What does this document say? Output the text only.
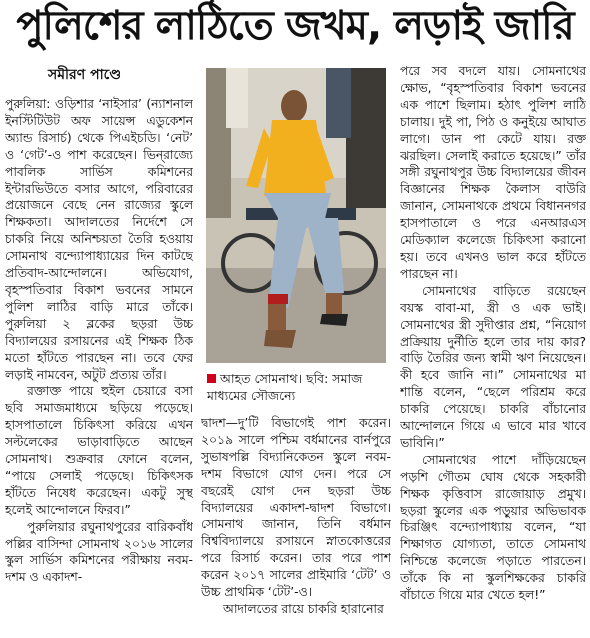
পুলিশের লাঠিতে জখম, লড়াই জারি
সমীরণ পাণ্ডে

পুরুলিয়া: ওড়িশার ‘নাইসার’ (ন্যাশনাল ইনস্টিটিউট অফ সায়েন্স এডুকেশন অ্যান্ড রিসার্চ) থেকে পিএইচডি। ‘নেট’ ও ‘গেট’-ও পাশ করেছেন। ভিন্‌রাজ্যে পাবলিক সার্ভিস কমিশনের ইন্টারভিউতে বসার আগে, পরিবারের প্রয়োজনে বেছে নেন রাজ্যের স্কুলে শিক্ষকতা। আদালতের নির্দেশে সে চাকরি নিয়ে অনিশ্চয়তা তৈরি হওয়ায় সোমনাথ বন্দ্যোপাধ্যায়ের দিন কাটছে প্রতিবাদ-আন্দোলনে। অভিযোগ, বৃহস্পতিবার বিকাশ ভবনের সামনে পুলিশ লাঠির বাড়ি মারে তাঁকে। পুরুলিয়া ২ ব্লকের ছড়রা উচ্চ বিদ্যালয়ের রসায়নের এই শিক্ষক ঠিক মতো হাঁটতে পারছেন না। তবে ফের লড়াই নামবেন, অটুট প্রত্যয় তাঁর।

রক্তাক্ত পায়ে হুইল চেয়ারে বসা ছবি সমাজমাধ্যমে ছড়িয়ে পড়েছে। হাসপাতালে চিকিৎসা করিয়ে এখন সল্টলেকের ভাড়াবাড়িতে আছেন সোমনাথ। শুক্রবার ফোনে বলেন, “পায়ে সেলাই পড়েছে। চিকিৎসক হাঁটতে নিষেধ করেছেন। একটু সুস্থ হলেই আন্দোলনে ফিরব।”

পুরুলিয়ার রঘুনাথপুরের বারিকবাঁধ পল্লির বাসিন্দা সোমনাথ ২০১৬ সালের স্কুল সার্ভিস কমিশনের পরীক্ষায় নবম-দশম ও একাদশ-

আহত সোমনাথ। ছবি: সমাজ মাধ্যমের সৌজন্যে

দ্বাদশ—দু’টি বিভাগেই পাশ করেন। ২০১৯ সালে পশ্চিম বর্ধমানের বার্নপুরে সুভাষপল্লি বিদ্যানিকেতন স্কুলে নবম-দশম বিভাগে যোগ দেন। পরে সে বছরেই যোগ দেন ছড়রা উচ্চ বিদ্যালয়ের একাদশ-দ্বাদশ বিভাগে। সোমনাথ জানান, তিনি বর্ধমান বিশ্ববিদ্যালয়ে রসায়নে স্নাতকোত্তরের পরে রিসার্চ করেন। তার পরে পাশ করেন ২০১৭ সালের প্রাইমারি ‘টেট’ ও উচ্চ প্রাথমিক ‘টেট’-ও।

আদালতের রায়ে চাকরি হারানোর

পরে সব বদলে যায়। সোমনাথের ক্ষোভ, “বৃহস্পতিবার বিকাশ ভবনের এক পাশে ছিলাম। হঠাৎ পুলিশ লাঠি চালায়। দুই পা, পিঠ ও কনুইয়ে আঘাত লাগে। ডান পা কেটে যায়। রক্ত ঝরছিল। সেলাই করাতে হয়েছে।” তাঁর সঙ্গী রঘুনাথপুর উচ্চ বিদ্যালয়ের জীবন বিজ্ঞানের শিক্ষক কৈলাস বাউরি জানান, সোমনাথকে প্রথমে বিধাননগর হাসপাতালে ও পরে এনআরএস মেডিক্যাল কলেজে চিকিৎসা করানো হয়। তবে এখনও ভাল করে হাঁটতে পারছেন না।

সোমনাথের বাড়িতে রয়েছেন বয়স্ক বাবা-মা, স্ত্রী ও এক ভাই। সোমনাথের স্ত্রী সুদীপ্তার প্রশ্ন, “নিয়োগ প্রক্রিয়ায় দুর্নীতি হলে তার দায় কার? বাড়ি তৈরির জন্য স্বামী ঋণ নিয়েছেন। কী হবে জানি না।” সোমনাথের মা শান্তি বলেন, “ছেলে পরিশ্রম করে চাকরি পেয়েছে। চাকরি বাঁচানোর আন্দোলনে গিয়ে এ ভাবে মার খাবে ভাবিনি।”

সোমনাথের পাশে দাঁড়িয়েছেন পড়শি গৌতম ঘোষ থেকে সহকারী শিক্ষক কৃত্তিবাস রাজোয়াড় প্রমুখ। ছড়রা স্কুলের এক পড়ুয়ার অভিভাবক চিরঞ্জিৎ বন্দ্যোপাধ্যায় বলেন, “যা শিক্ষাগত যোগ্যতা, তাতে সোমনাথ নিশ্চিন্তে কলেজে পড়াতে পারতেন। তাঁকে কি না স্কুলশিক্ষকের চাকরি বাঁচাতে গিয়ে মার খেতে হল!”
